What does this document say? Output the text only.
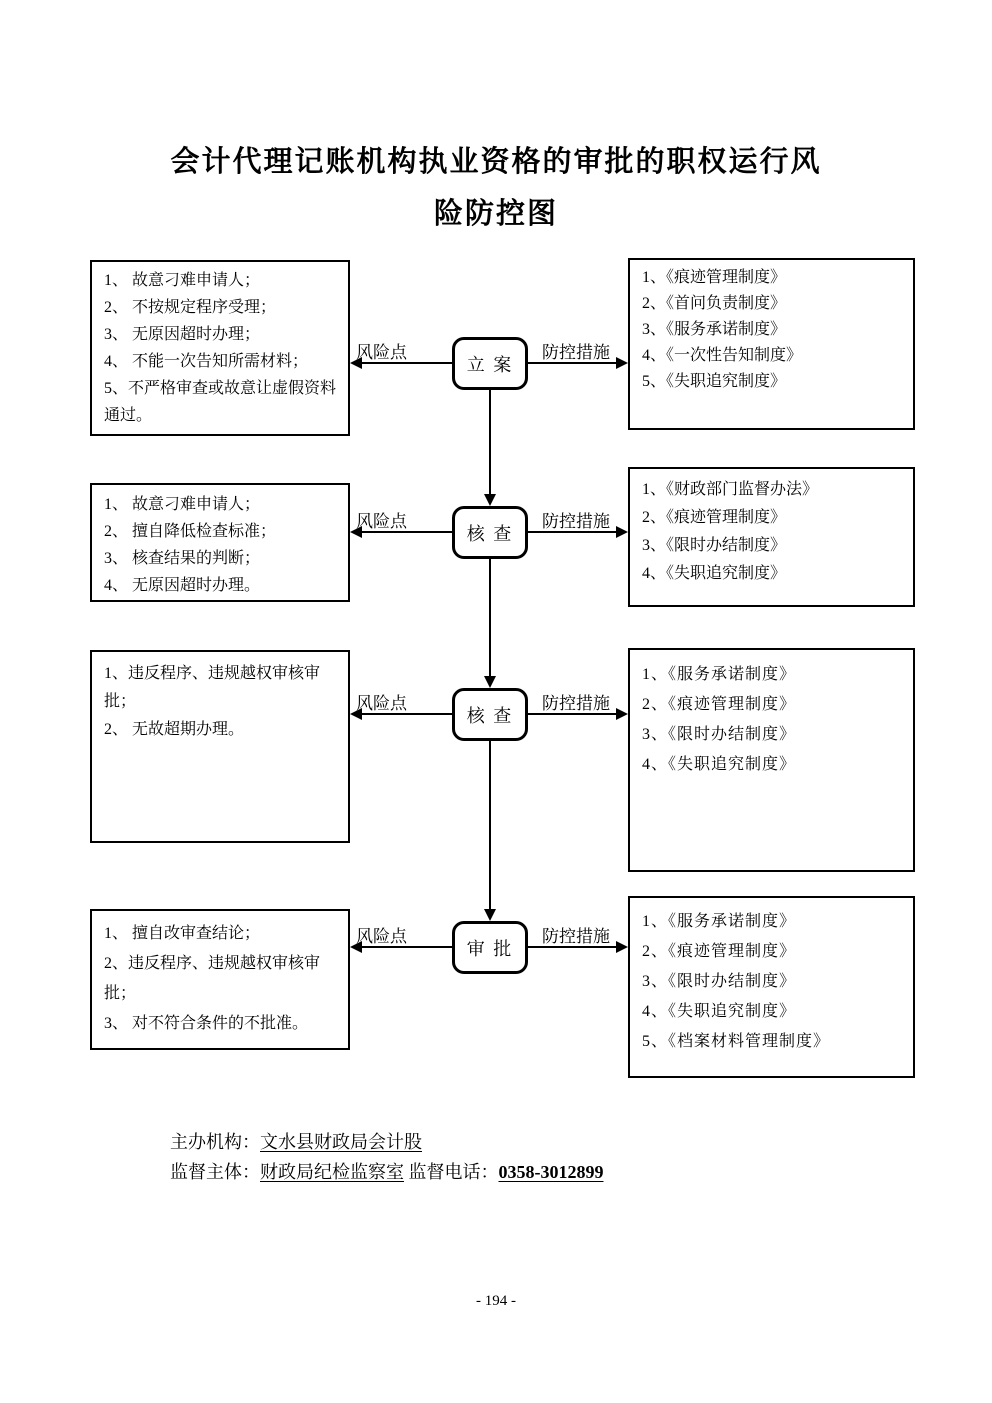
会计代理记账机构执业资格的审批的职权运行风
险防控图
1、 故意刁难申请人；
2、 不按规定程序受理；
3、 无原因超时办理；
4、 不能一次告知所需材料；
5、不严格审查或故意让虚假资料通过。
1、《痕迹管理制度》
2、《首问负责制度》
3、《服务承诺制度》
4、《一次性告知制度》
5、《失职追究制度》
立 案
风险点	防控措施
1、 故意刁难申请人；
2、 擅自降低检查标准；
3、 核查结果的判断；
4、 无原因超时办理。
1、《财政部门监督办法》
2、《痕迹管理制度》
3、《限时办结制度》
4、《失职追究制度》
核 查
风险点	防控措施
1、违反程序、违规越权审核审批；
2、 无故超期办理。
1、《服务承诺制度》
2、《痕迹管理制度》
3、《限时办结制度》
4、《失职追究制度》
核 查
风险点	防控措施
1、 擅自改审查结论；
2、违反程序、违规越权审核审批；
3、 对不符合条件的不批准。
1、《服务承诺制度》
2、《痕迹管理制度》
3、《限时办结制度》
4、《失职追究制度》
5、《档案材料管理制度》
审 批
风险点	防控措施
主办机构：文水县财政局会计股
监督主体：财政局纪检监察室 监督电话：0358-3012899
- 194 -
